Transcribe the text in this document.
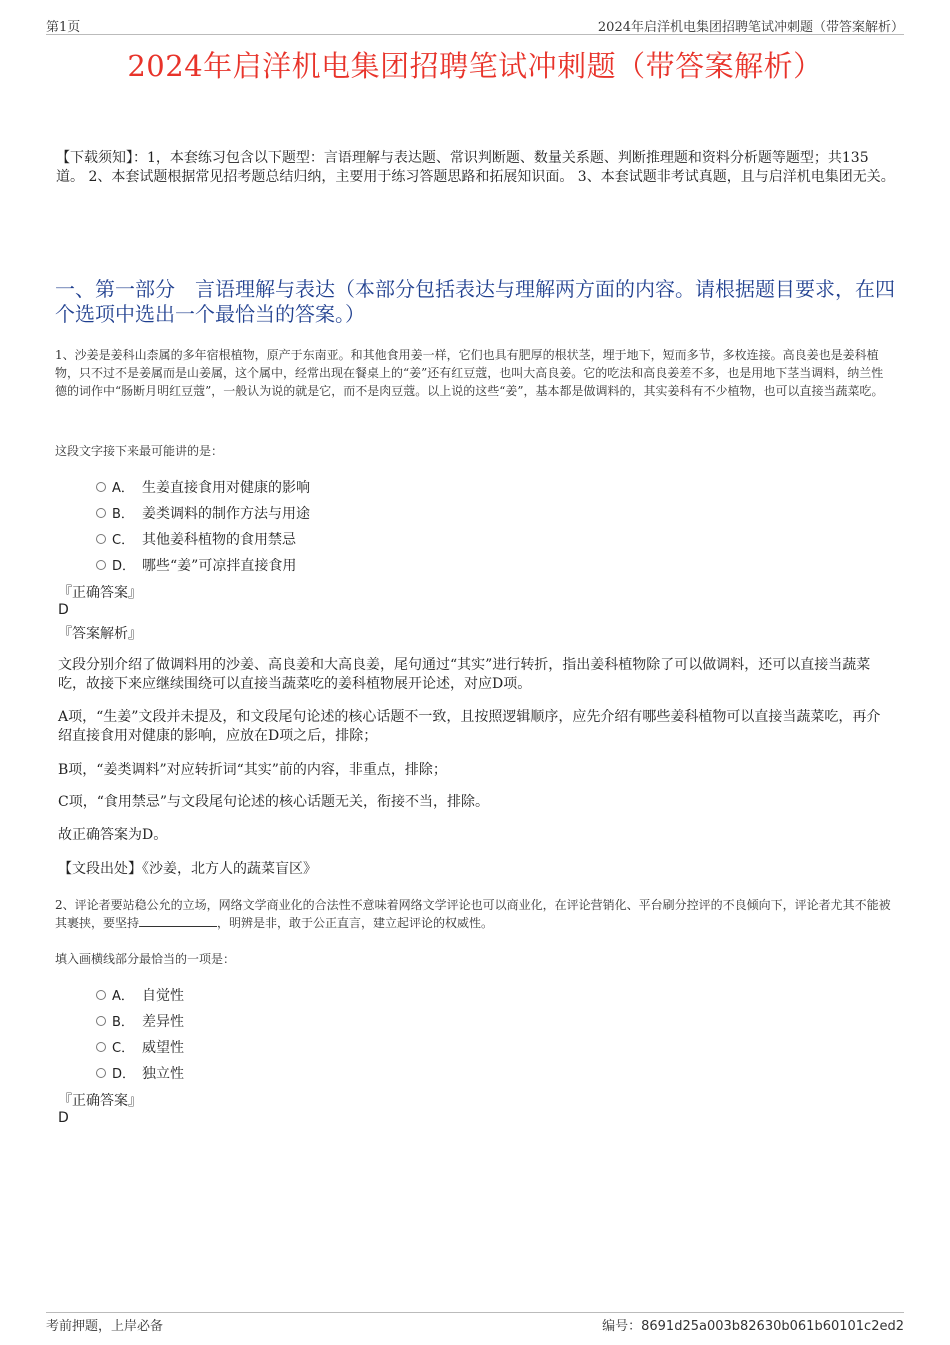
第1页	2024年启洋机电集团招聘笔试冲刺题（带答案解析）
2024年启洋机电集团招聘笔试冲刺题（带答案解析）
【下载须知】：1，本套练习包含以下题型：言语理解与表达题、常识判断题、数量关系题、判断推理题和资料分析题等题型；共135道。 2、本套试题根据常见招考题总结归纳，主要用于练习答题思路和拓展知识面。 3、本套试题非考试真题，且与启洋机电集团无关。
一、第一部分　言语理解与表达（本部分包括表达与理解两方面的内容。请根据题目要求，在四个选项中选出一个最恰当的答案。）
1、沙姜是姜科山柰属的多年宿根植物，原产于东南亚。和其他食用姜一样，它们也具有肥厚的根状茎，埋于地下，短而多节，多枚连接。高良姜也是姜科植物，只不过不是姜属而是山姜属，这个属中，经常出现在餐桌上的“姜”还有红豆蔻，也叫大高良姜。它的吃法和高良姜差不多，也是用地下茎当调料，纳兰性德的词作中“肠断月明红豆蔻”，一般认为说的就是它，而不是肉豆蔻。以上说的这些“姜”，基本都是做调料的，其实姜科有不少植物，也可以直接当蔬菜吃。
这段文字接下来最可能讲的是：
A． 生姜直接食用对健康的影响
B． 姜类调料的制作方法与用途
C． 其他姜科植物的食用禁忌
D． 哪些“姜”可凉拌直接食用
『正确答案』
D
『答案解析』
文段分别介绍了做调料用的沙姜、高良姜和大高良姜，尾句通过“其实”进行转折，指出姜科植物除了可以做调料，还可以直接当蔬菜吃，故接下来应继续围绕可以直接当蔬菜吃的姜科植物展开论述，对应D项。
A项，“生姜”文段并未提及，和文段尾句论述的核心话题不一致，且按照逻辑顺序，应先介绍有哪些姜科植物可以直接当蔬菜吃，再介绍直接食用对健康的影响，应放在D项之后，排除；
B项，“姜类调料”对应转折词“其实”前的内容，非重点，排除；
C项，“食用禁忌”与文段尾句论述的核心话题无关，衔接不当，排除。
故正确答案为D。
【文段出处】《沙姜，北方人的蔬菜盲区》
2、评论者要站稳公允的立场，网络文学商业化的合法性不意味着网络文学评论也可以商业化，在评论营销化、平台刷分控评的不良倾向下，评论者尤其不能被其裹挟，要坚持	，明辨是非，敢于公正直言，建立起评论的权威性。
填入画横线部分最恰当的一项是：
A． 自觉性
B． 差异性
C． 威望性
D． 独立性
『正确答案』
D
考前押题，上岸必备	编号：8691d25a003b82630b061b60101c2ed2
